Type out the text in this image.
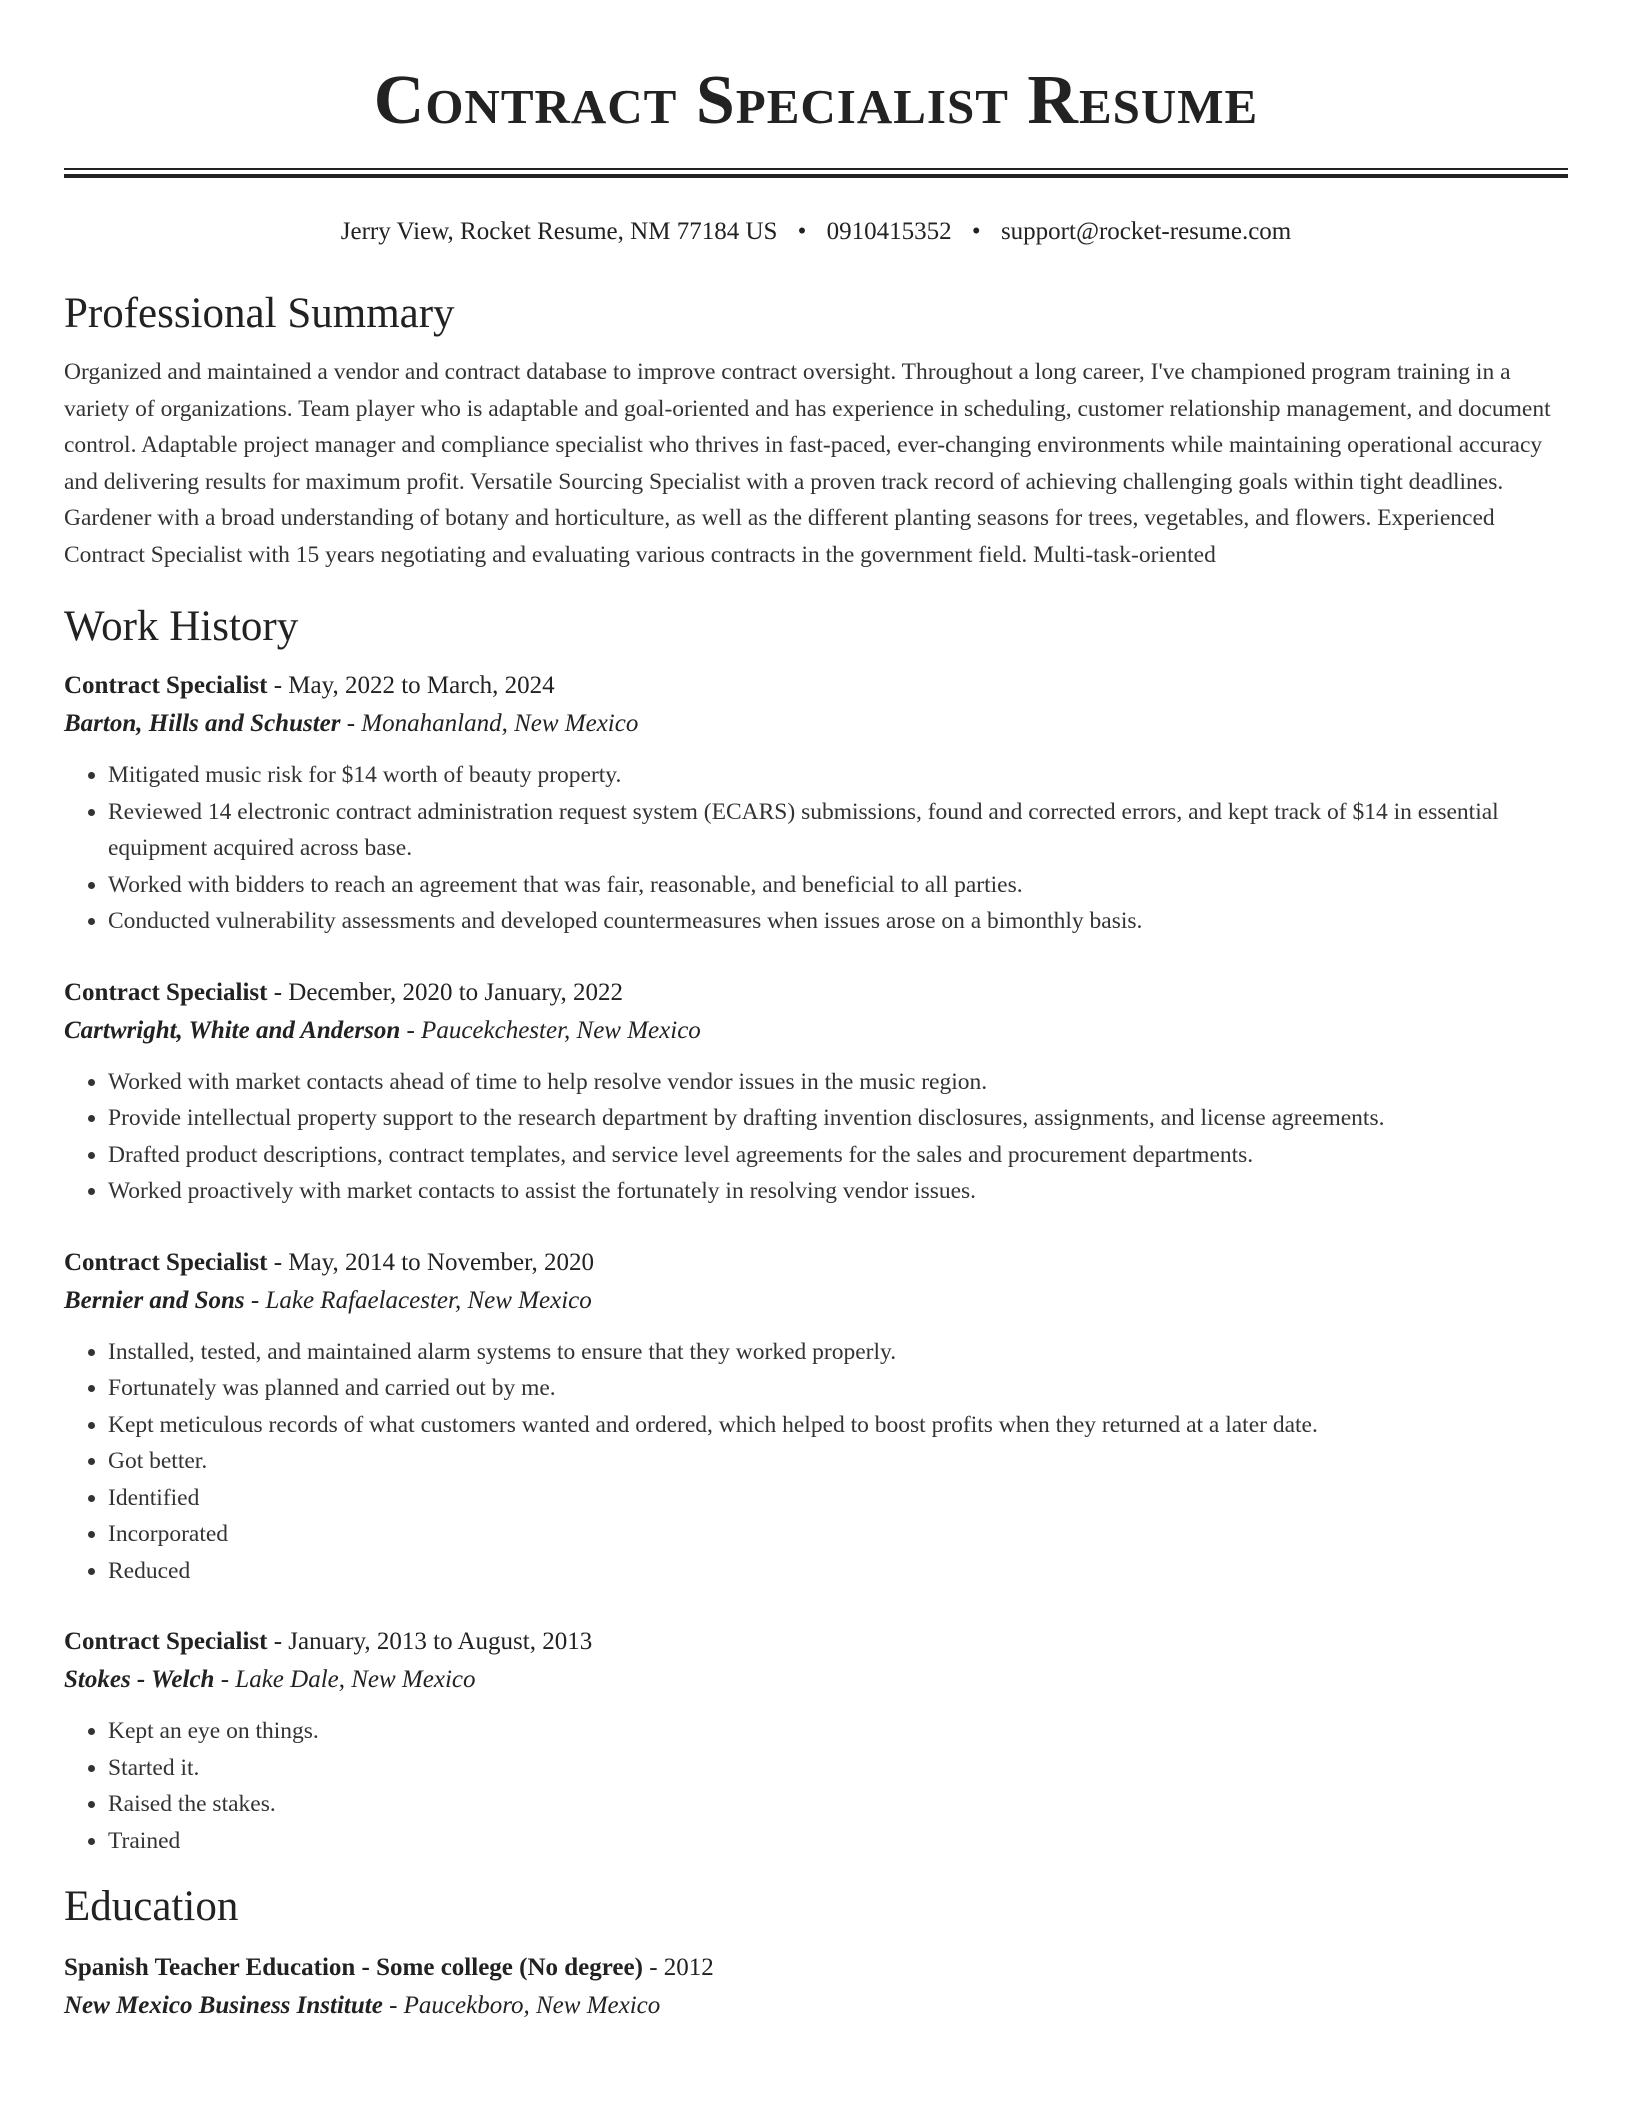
Contract Specialist Resume
Jerry View, Rocket Resume, NM 77184 US • 0910415352 • support@rocket-resume.com
Professional Summary

Organized and maintained a vendor and contract database to improve contract oversight. Throughout a long career, I've championed program training in a variety of organizations. Team player who is adaptable and goal-oriented and has experience in scheduling, customer relationship management, and document control. Adaptable project manager and compliance specialist who thrives in fast-paced, ever-changing environments while maintaining operational accuracy and delivering results for maximum profit. Versatile Sourcing Specialist with a proven track record of achieving challenging goals within tight deadlines. Gardener with a broad understanding of botany and horticulture, as well as the different planting seasons for trees, vegetables, and flowers. Experienced Contract Specialist with 15 years negotiating and evaluating various contracts in the government field. Multi-task-oriented

Work History
Contract Specialist - May, 2022 to March, 2024
Barton, Hills and Schuster - Monahanland, New Mexico
• Mitigated music risk for $14 worth of beauty property.
• Reviewed 14 electronic contract administration request system (ECARS) submissions, found and corrected errors, and kept track of $14 in essential equipment acquired across base.
• Worked with bidders to reach an agreement that was fair, reasonable, and beneficial to all parties.
• Conducted vulnerability assessments and developed countermeasures when issues arose on a bimonthly basis.
Contract Specialist - December, 2020 to January, 2022
Cartwright, White and Anderson - Paucekchester, New Mexico
• Worked with market contacts ahead of time to help resolve vendor issues in the music region.
• Provide intellectual property support to the research department by drafting invention disclosures, assignments, and license agreements.
• Drafted product descriptions, contract templates, and service level agreements for the sales and procurement departments.
• Worked proactively with market contacts to assist the fortunately in resolving vendor issues.
Contract Specialist - May, 2014 to November, 2020
Bernier and Sons - Lake Rafaelacester, New Mexico
• Installed, tested, and maintained alarm systems to ensure that they worked properly.
• Fortunately was planned and carried out by me.
• Kept meticulous records of what customers wanted and ordered, which helped to boost profits when they returned at a later date.
• Got better.
• Identified
• Incorporated
• Reduced
Contract Specialist - January, 2013 to August, 2013
Stokes - Welch - Lake Dale, New Mexico
• Kept an eye on things.
• Started it.
• Raised the stakes.
• Trained
Education
Spanish Teacher Education - Some college (No degree) - 2012
New Mexico Business Institute - Paucekboro, New Mexico
